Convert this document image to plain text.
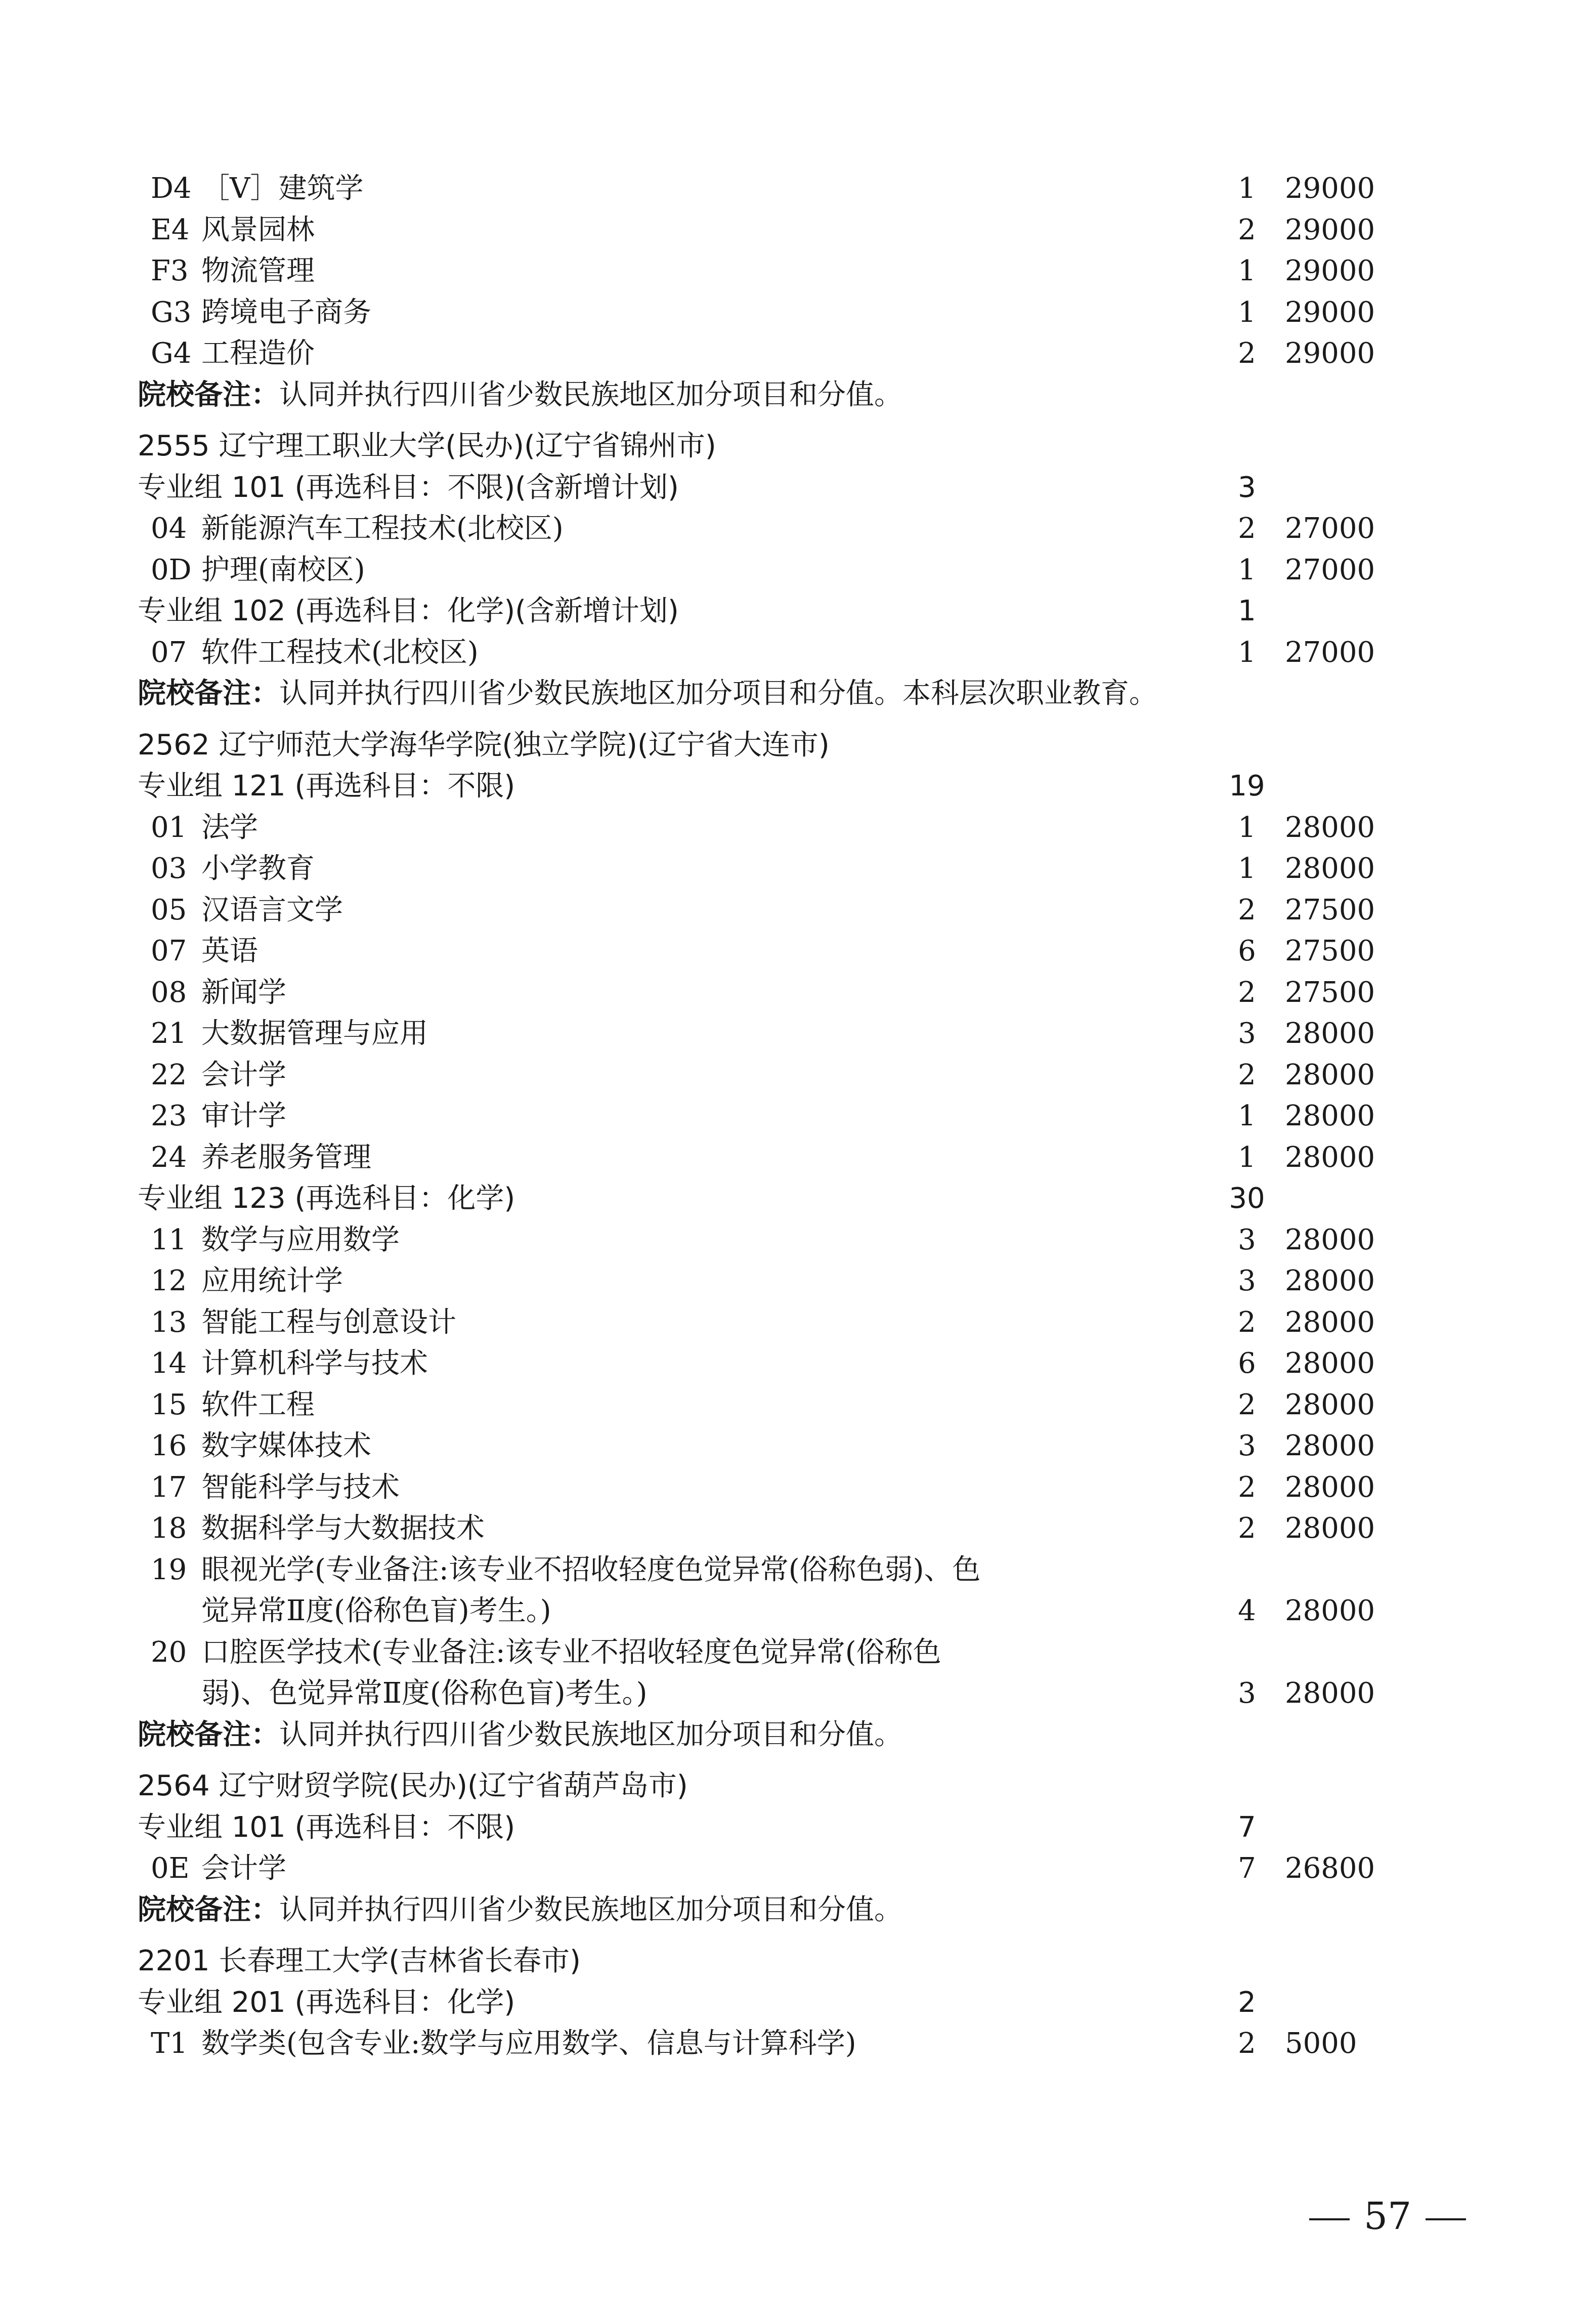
D4 ［Ⅴ］建筑学	1	29000
E4 风景园林	2	29000
F3 物流管理	1	29000
G3 跨境电子商务	1	29000
G4 工程造价	2	29000
院校备注：认同并执行四川省少数民族地区加分项目和分值。
2555 辽宁理工职业大学(民办)(辽宁省锦州市)
专业组 101 (再选科目：不限)(含新增计划)	3
04 新能源汽车工程技术(北校区)	2	27000
0D 护理(南校区)	1	27000
专业组 102 (再选科目：化学)(含新增计划)	1
07 软件工程技术(北校区)	1	27000
院校备注：认同并执行四川省少数民族地区加分项目和分值。本科层次职业教育。
2562 辽宁师范大学海华学院(独立学院)(辽宁省大连市)
专业组 121 (再选科目：不限)	19
01 法学	1	28000
03 小学教育	1	28000
05 汉语言文学	2	27500
07 英语	6	27500
08 新闻学	2	27500
21 大数据管理与应用	3	28000
22 会计学	2	28000
23 审计学	1	28000
24 养老服务管理	1	28000
专业组 123 (再选科目：化学)	30
11 数学与应用数学	3	28000
12 应用统计学	3	28000
13 智能工程与创意设计	2	28000
14 计算机科学与技术	6	28000
15 软件工程	2	28000
16 数字媒体技术	3	28000
17 智能科学与技术	2	28000
18 数据科学与大数据技术	2	28000
19 眼视光学(专业备注:该专业不招收轻度色觉异常(俗称色弱)、色
觉异常Ⅱ度(俗称色盲)考生。)	4	28000
20 口腔医学技术(专业备注:该专业不招收轻度色觉异常(俗称色
弱)、色觉异常Ⅱ度(俗称色盲)考生。)	3	28000
院校备注：认同并执行四川省少数民族地区加分项目和分值。
2564 辽宁财贸学院(民办)(辽宁省葫芦岛市)
专业组 101 (再选科目：不限)	7
0E 会计学	7	26800
院校备注：认同并执行四川省少数民族地区加分项目和分值。
2201 长春理工大学(吉林省长春市)
专业组 201 (再选科目：化学)	2
T1 数学类(包含专业:数学与应用数学、信息与计算科学)	2	5000
57
